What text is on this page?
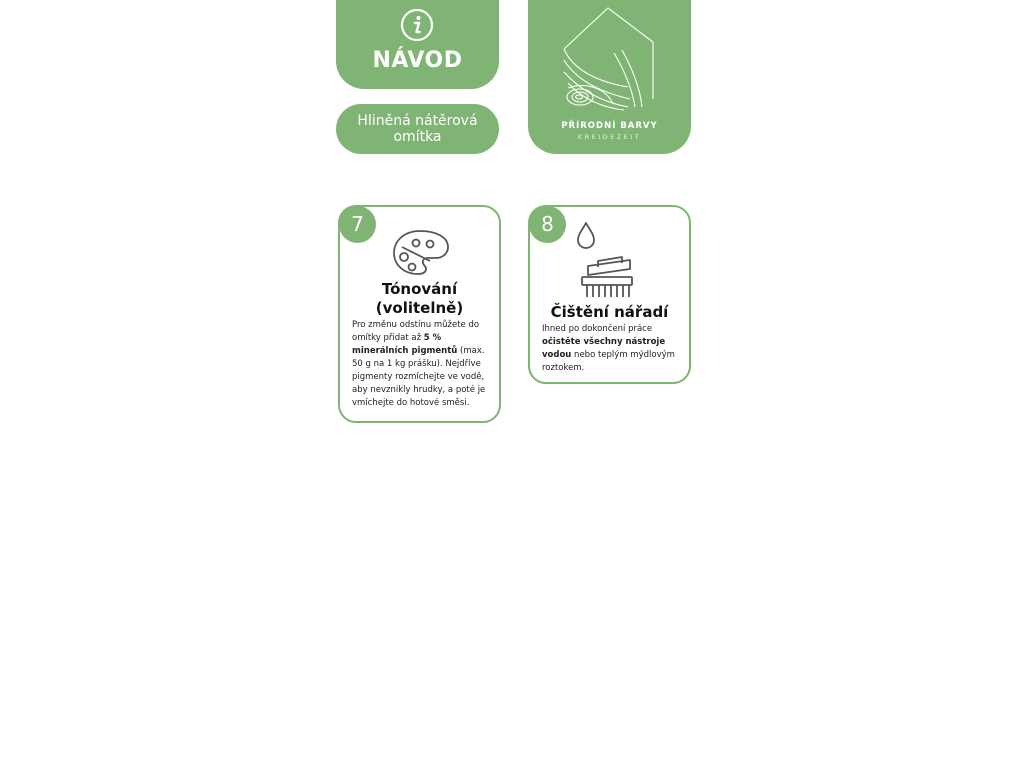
NÁVOD
Hliněná nátěrová omítka
PŘÍRODNÍ BARVY
KREIDEZEIT
7
Tónování (volitelně)
Pro změnu odstínu můžete do omítky přidat až 5 % minerálních pigmentů (max. 50 g na 1 kg prášku). Nejdříve pigmenty rozmíchejte ve vodě, aby nevznikly hrudky, a poté je vmíchejte do hotové směsi.
8
Čištění nářadí
Ihned po dokončení práce očistěte všechny nástroje vodou nebo teplým mýdlovým roztokem.
